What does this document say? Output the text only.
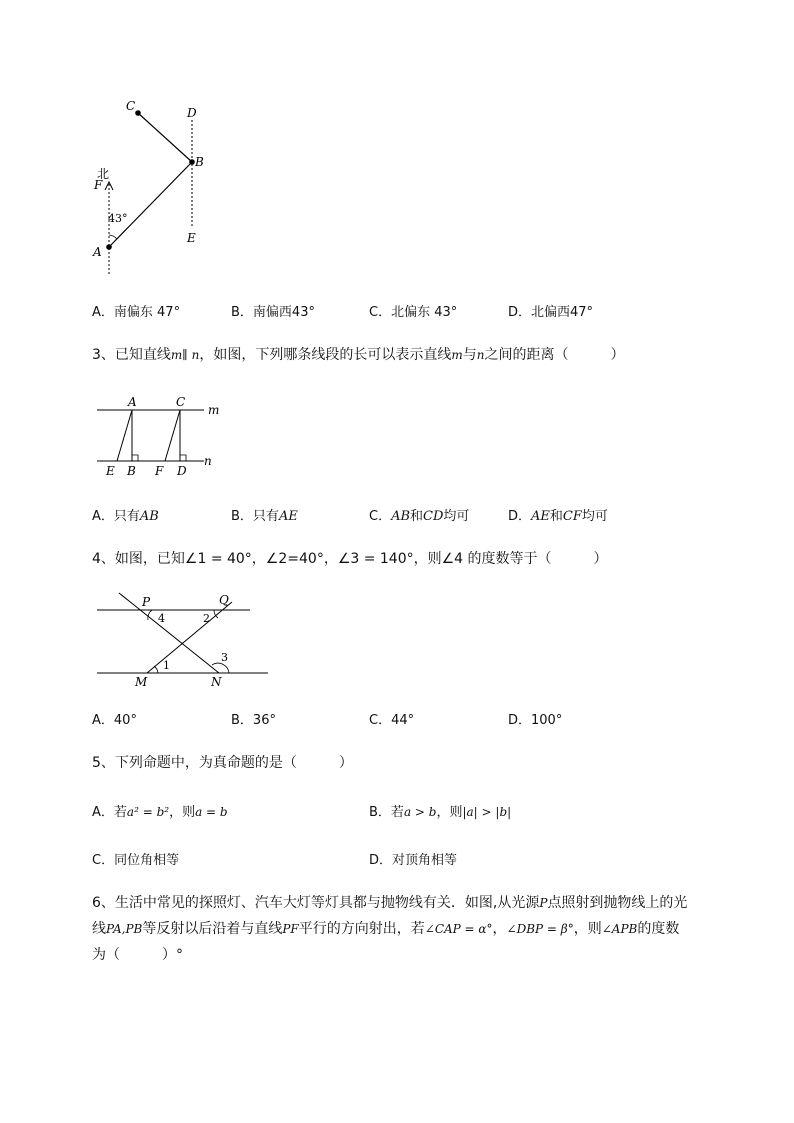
C	D
B
北
F
43°
A
E
A．南偏东 47°	B．南偏西43°	C．北偏东 43°	D．北偏西47°
3、已知直线m∥ n，如图，下列哪条线段的长可以表示直线m与n之间的距离（　　　）
A	C
m
E B F D
n
A．只有AB	B．只有AE	C．AB和CD均可	D．AE和CF均可
4、如图，已知∠1 = 40°，∠2=40°，∠3 = 140°，则∠4 的度数等于（　　　）
P	Q
4	2
3
1
M	N
A．40°	B．36°	C．44°	D．100°
5、下列命题中，为真命题的是（　　　）
A．若a² = b²，则a = b	B．若a > b，则|a| > |b|
C．同位角相等	D．对顶角相等
6、生活中常见的探照灯、汽车大灯等灯具都与抛物线有关．如图,从光源P点照射到抛物线上的光
线PA,PB等反射以后沿着与直线PF平行的方向射出，若∠CAP = α°，∠DBP = β°，则∠APB的度数
为（　　　）°
